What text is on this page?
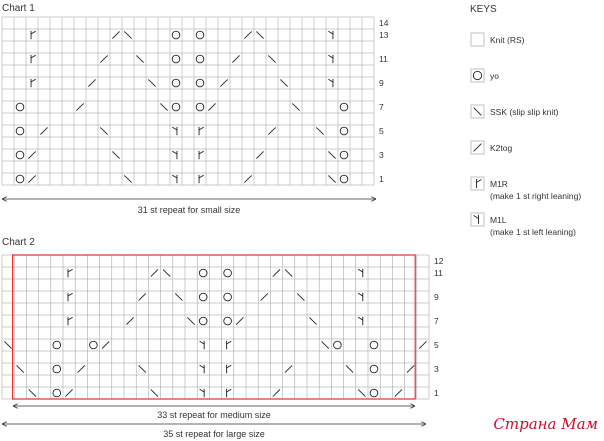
Chart 1
14
13
11
9
7
5
3
1
31 st repeat for small size
Chart 2
12
11
9
7
5
3
1
33 st repeat for medium size
35 st repeat for large size
KEYS
Knit (RS)
yo
SSK (slip slip knit)
K2tog
M1R
(make 1 st right leaning)
M1L
(make 1 st left leaning)
Страна Мам
